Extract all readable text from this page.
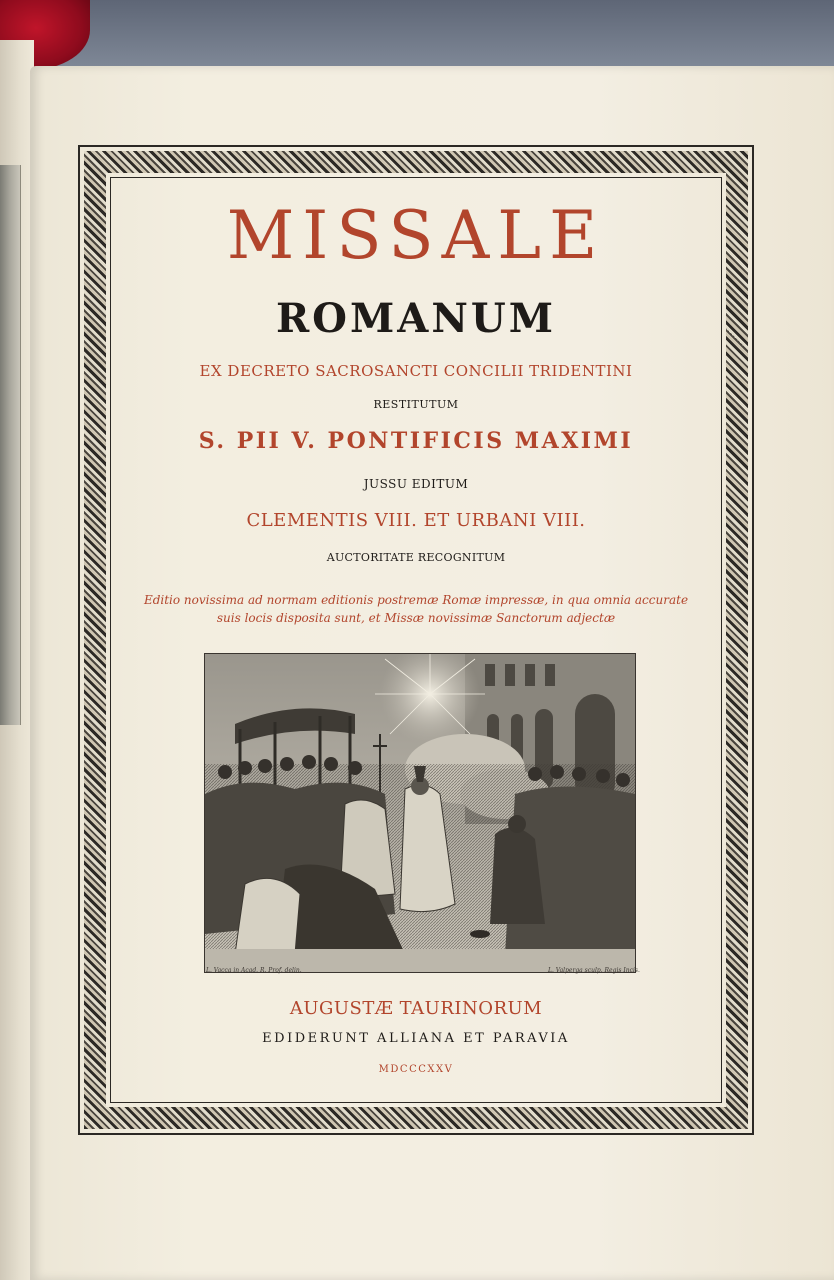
MISSALE
ROMANUM
EX DECRETO SACROSANCTI CONCILII TRIDENTINI
RESTITUTUM
S. PII V. PONTIFICIS MAXIMI
JUSSU EDITUM
CLEMENTIS VIII. ET URBANI VIII.
AUCTORITATE RECOGNITUM
Editio novissima ad normam editionis postremæ Romæ impressæ, in qua omnia accurate
suis locis disposita sunt, et Missæ novissimæ Sanctorum adjectæ
L. Vacca in Acad. R. Prof. delin.	L. Valperga sculp. Regis Incis.
AUGUSTÆ TAURINORUM
EDIDERUNT ALLIANA ET PARAVIA
MDCCCXXV
